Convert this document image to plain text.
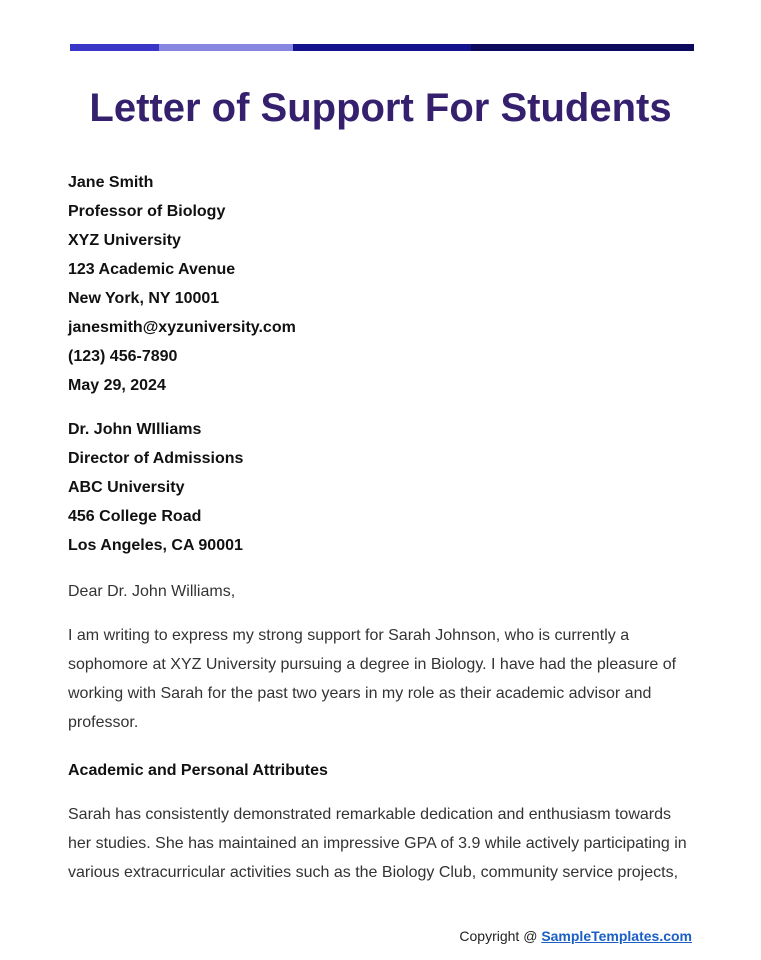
Letter of Support For Students

Jane Smith

Professor of Biology

XYZ University

123 Academic Avenue

New York, NY 10001

janesmith@xyzuniversity.com

(123) 456-7890

May 29, 2024

Dr. John WIlliams

Director of Admissions

ABC University

456 College Road

Los Angeles, CA 90001

Dear Dr. John Williams,

I am writing to express my strong support for Sarah Johnson, who is currently a sophomore at XYZ University pursuing a degree in Biology. I have had the pleasure of working with Sarah for the past two years in my role as their academic advisor and professor.

Academic and Personal Attributes

Sarah has consistently demonstrated remarkable dedication and enthusiasm towards her studies. She has maintained an impressive GPA of 3.9 while actively participating in various extracurricular activities such as the Biology Club, community service projects,

Copyright @ SampleTemplates.com
